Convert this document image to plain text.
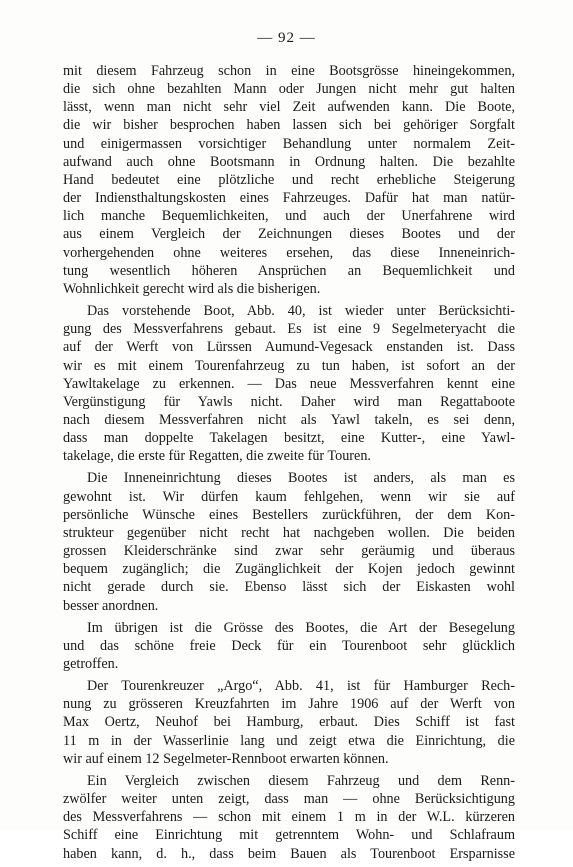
— 92 —
mit diesem Fahrzeug schon in eine Bootsgrösse hineingekommen,
die sich ohne bezahlten Mann oder Jungen nicht mehr gut halten
lässt, wenn man nicht sehr viel Zeit aufwenden kann. Die Boote,
die wir bisher besprochen haben lassen sich bei gehöriger Sorgfalt
und einigermassen vorsichtiger Behandlung unter normalem Zeit-
aufwand auch ohne Bootsmann in Ordnung halten. Die bezahlte
Hand bedeutet eine plötzliche und recht erhebliche Steigerung
der Indiensthaltungskosten eines Fahrzeuges. Dafür hat man natür-
lich manche Bequemlichkeiten, und auch der Unerfahrene wird
aus einem Vergleich der Zeichnungen dieses Bootes und der
vorhergehenden ohne weiteres ersehen, das diese Inneneinrich-
tung wesentlich höheren Ansprüchen an Bequemlichkeit und
Wohnlichkeit gerecht wird als die bisherigen.
Das vorstehende Boot, Abb. 40, ist wieder unter Berücksichti-
gung des Messverfahrens gebaut. Es ist eine 9 Segelmeteryacht die
auf der Werft von Lürssen Aumund-Vegesack enstanden ist. Dass
wir es mit einem Tourenfahrzeug zu tun haben, ist sofort an der
Yawltakelage zu erkennen. — Das neue Messverfahren kennt eine
Vergünstigung für Yawls nicht. Daher wird man Regattaboote
nach diesem Messverfahren nicht als Yawl takeln, es sei denn,
dass man doppelte Takelagen besitzt, eine Kutter-, eine Yawl-
takelage, die erste für Regatten, die zweite für Touren.
Die Inneneinrichtung dieses Bootes ist anders, als man es
gewohnt ist. Wir dürfen kaum fehlgehen, wenn wir sie auf
persönliche Wünsche eines Bestellers zurückführen, der dem Kon-
strukteur gegenüber nicht recht hat nachgeben wollen. Die beiden
grossen Kleiderschränke sind zwar sehr geräumig und überaus
bequem zugänglich; die Zugänglichkeit der Kojen jedoch gewinnt
nicht gerade durch sie. Ebenso lässt sich der Eiskasten wohl
besser anordnen.
Im übrigen ist die Grösse des Bootes, die Art der Besegelung
und das schöne freie Deck für ein Tourenboot sehr glücklich
getroffen.
Der Tourenkreuzer „Argo“, Abb. 41, ist für Hamburger Rech-
nung zu grösseren Kreuzfahrten im Jahre 1906 auf der Werft von
Max Oertz, Neuhof bei Hamburg, erbaut. Dies Schiff ist fast
11 m in der Wasserlinie lang und zeigt etwa die Einrichtung, die
wir auf einem 12 Segelmeter-Rennboot erwarten können.
Ein Vergleich zwischen diesem Fahrzeug und dem Renn-
zwölfer weiter unten zeigt, dass man — ohne Berücksichtigung
des Messverfahrens — schon mit einem 1 m in der W.L. kürzeren
Schiff eine Einrichtung mit getrenntem Wohn- und Schlafraum
haben kann, d. h., dass beim Bauen als Tourenboot Ersparnisse
